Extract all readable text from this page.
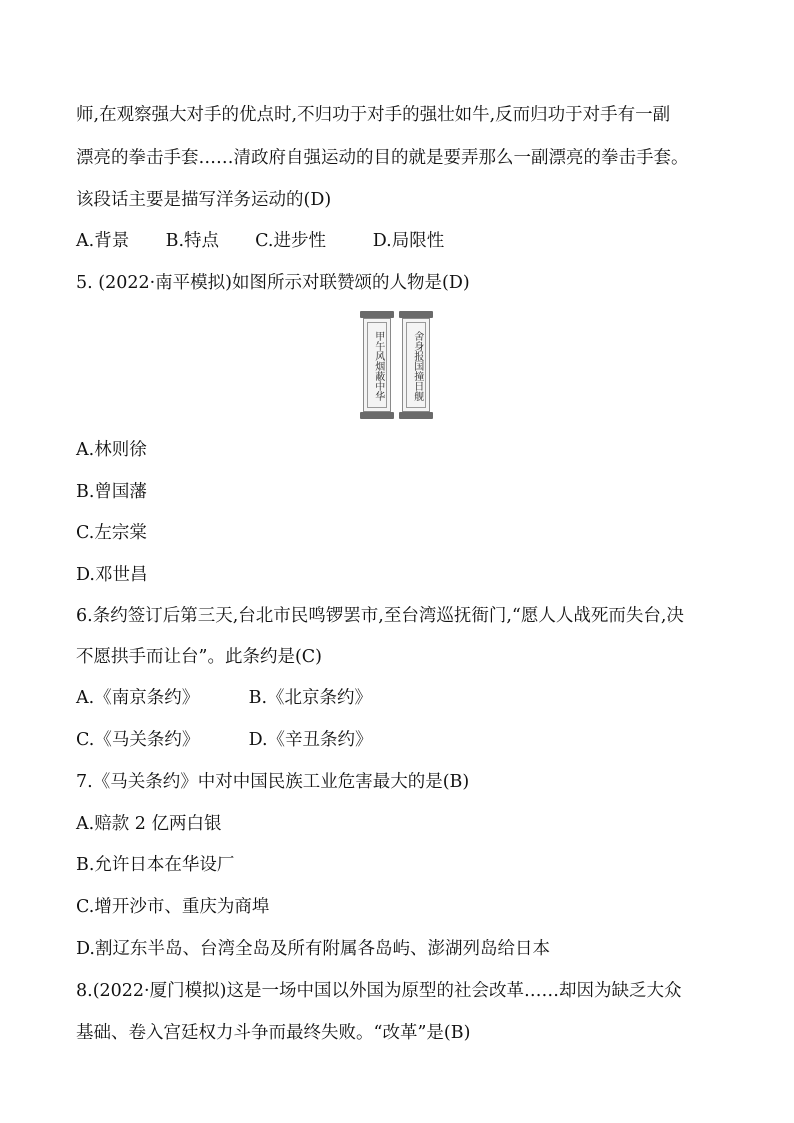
师,在观察强大对手的优点时,不归功于对手的强壮如牛,反而归功于对手有一副
漂亮的拳击手套……清政府自强运动的目的就是要弄那么一副漂亮的拳击手套。
该段话主要是描写洋务运动的(D)
A.背景 B.特点 C.进步性	D.局限性
5. (2022·南平模拟)如图所示对联赞颂的人物是(D)
甲午风烟蔽中华	舍身报国撞日舰
A.林则徐
B.曾国藩
C.左宗棠
D.邓世昌
6.条约签订后第三天,台北市民鸣锣罢市,至台湾巡抚衙门,“愿人人战死而失台,决
不愿拱手而让台”。此条约是(C)
A.《南京条约》	B.《北京条约》
C.《马关条约》	D.《辛丑条约》
7.《马关条约》中对中国民族工业危害最大的是(B)
A.赔款 2 亿两白银
B.允许日本在华设厂
C.增开沙市、重庆为商埠
D.割辽东半岛、台湾全岛及所有附属各岛屿、澎湖列岛给日本
8.(2022·厦门模拟)这是一场中国以外国为原型的社会改革……却因为缺乏大众
基础、卷入宫廷权力斗争而最终失败。“改革”是(B)
